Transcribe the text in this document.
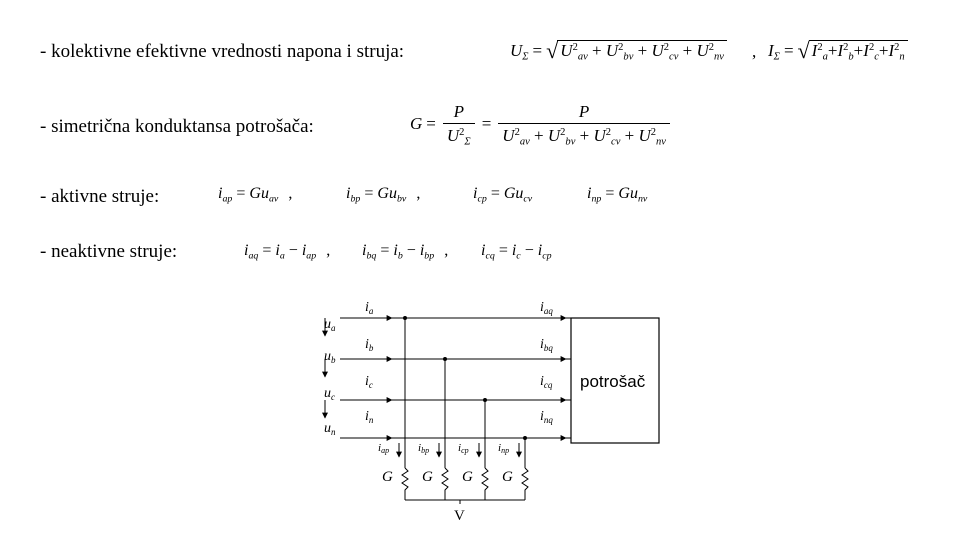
- kolektivne efektivne vrednosti napona i struja:
- simetrična konduktansa potrošača:
- aktivne struje:
- neaktivne struje:
$U_\Sigma$ = √ $U^2_{av} + U^2_{bv} + U^2_{cv} + U^2_{nv}$ , $I_\Sigma$ = √ $I^2_a+I^2_b+I^2_c+I^2_n$
$G = \frac{P}{U^2_\Sigma} = \frac{P}{U^2_{av} + U^2_{bv} + U^2_{cv} + U^2_{nv}}$
$i_{ap} = Gu_{av}$ ,	$i_{bp} = Gu_{bv}$ ,	$i_{cp} = Gu_{cv}$	$i_{np} = Gu_{nv}$
$i_{aq} = i_a - i_{ap}$ ,	$i_{bq} = i_b - i_{bp}$ ,	$i_{cq} = i_c - i_{cp}$
potrošač
V
G G G G
$u_a$
$u_b$
$u_c$
$u_n$
$i_a$
$i_b$
$i_c$
$i_n$
$i_{aq}$
$i_{bq}$
$i_{cq}$
$i_{nq}$
iap	ibp	icp	inp
